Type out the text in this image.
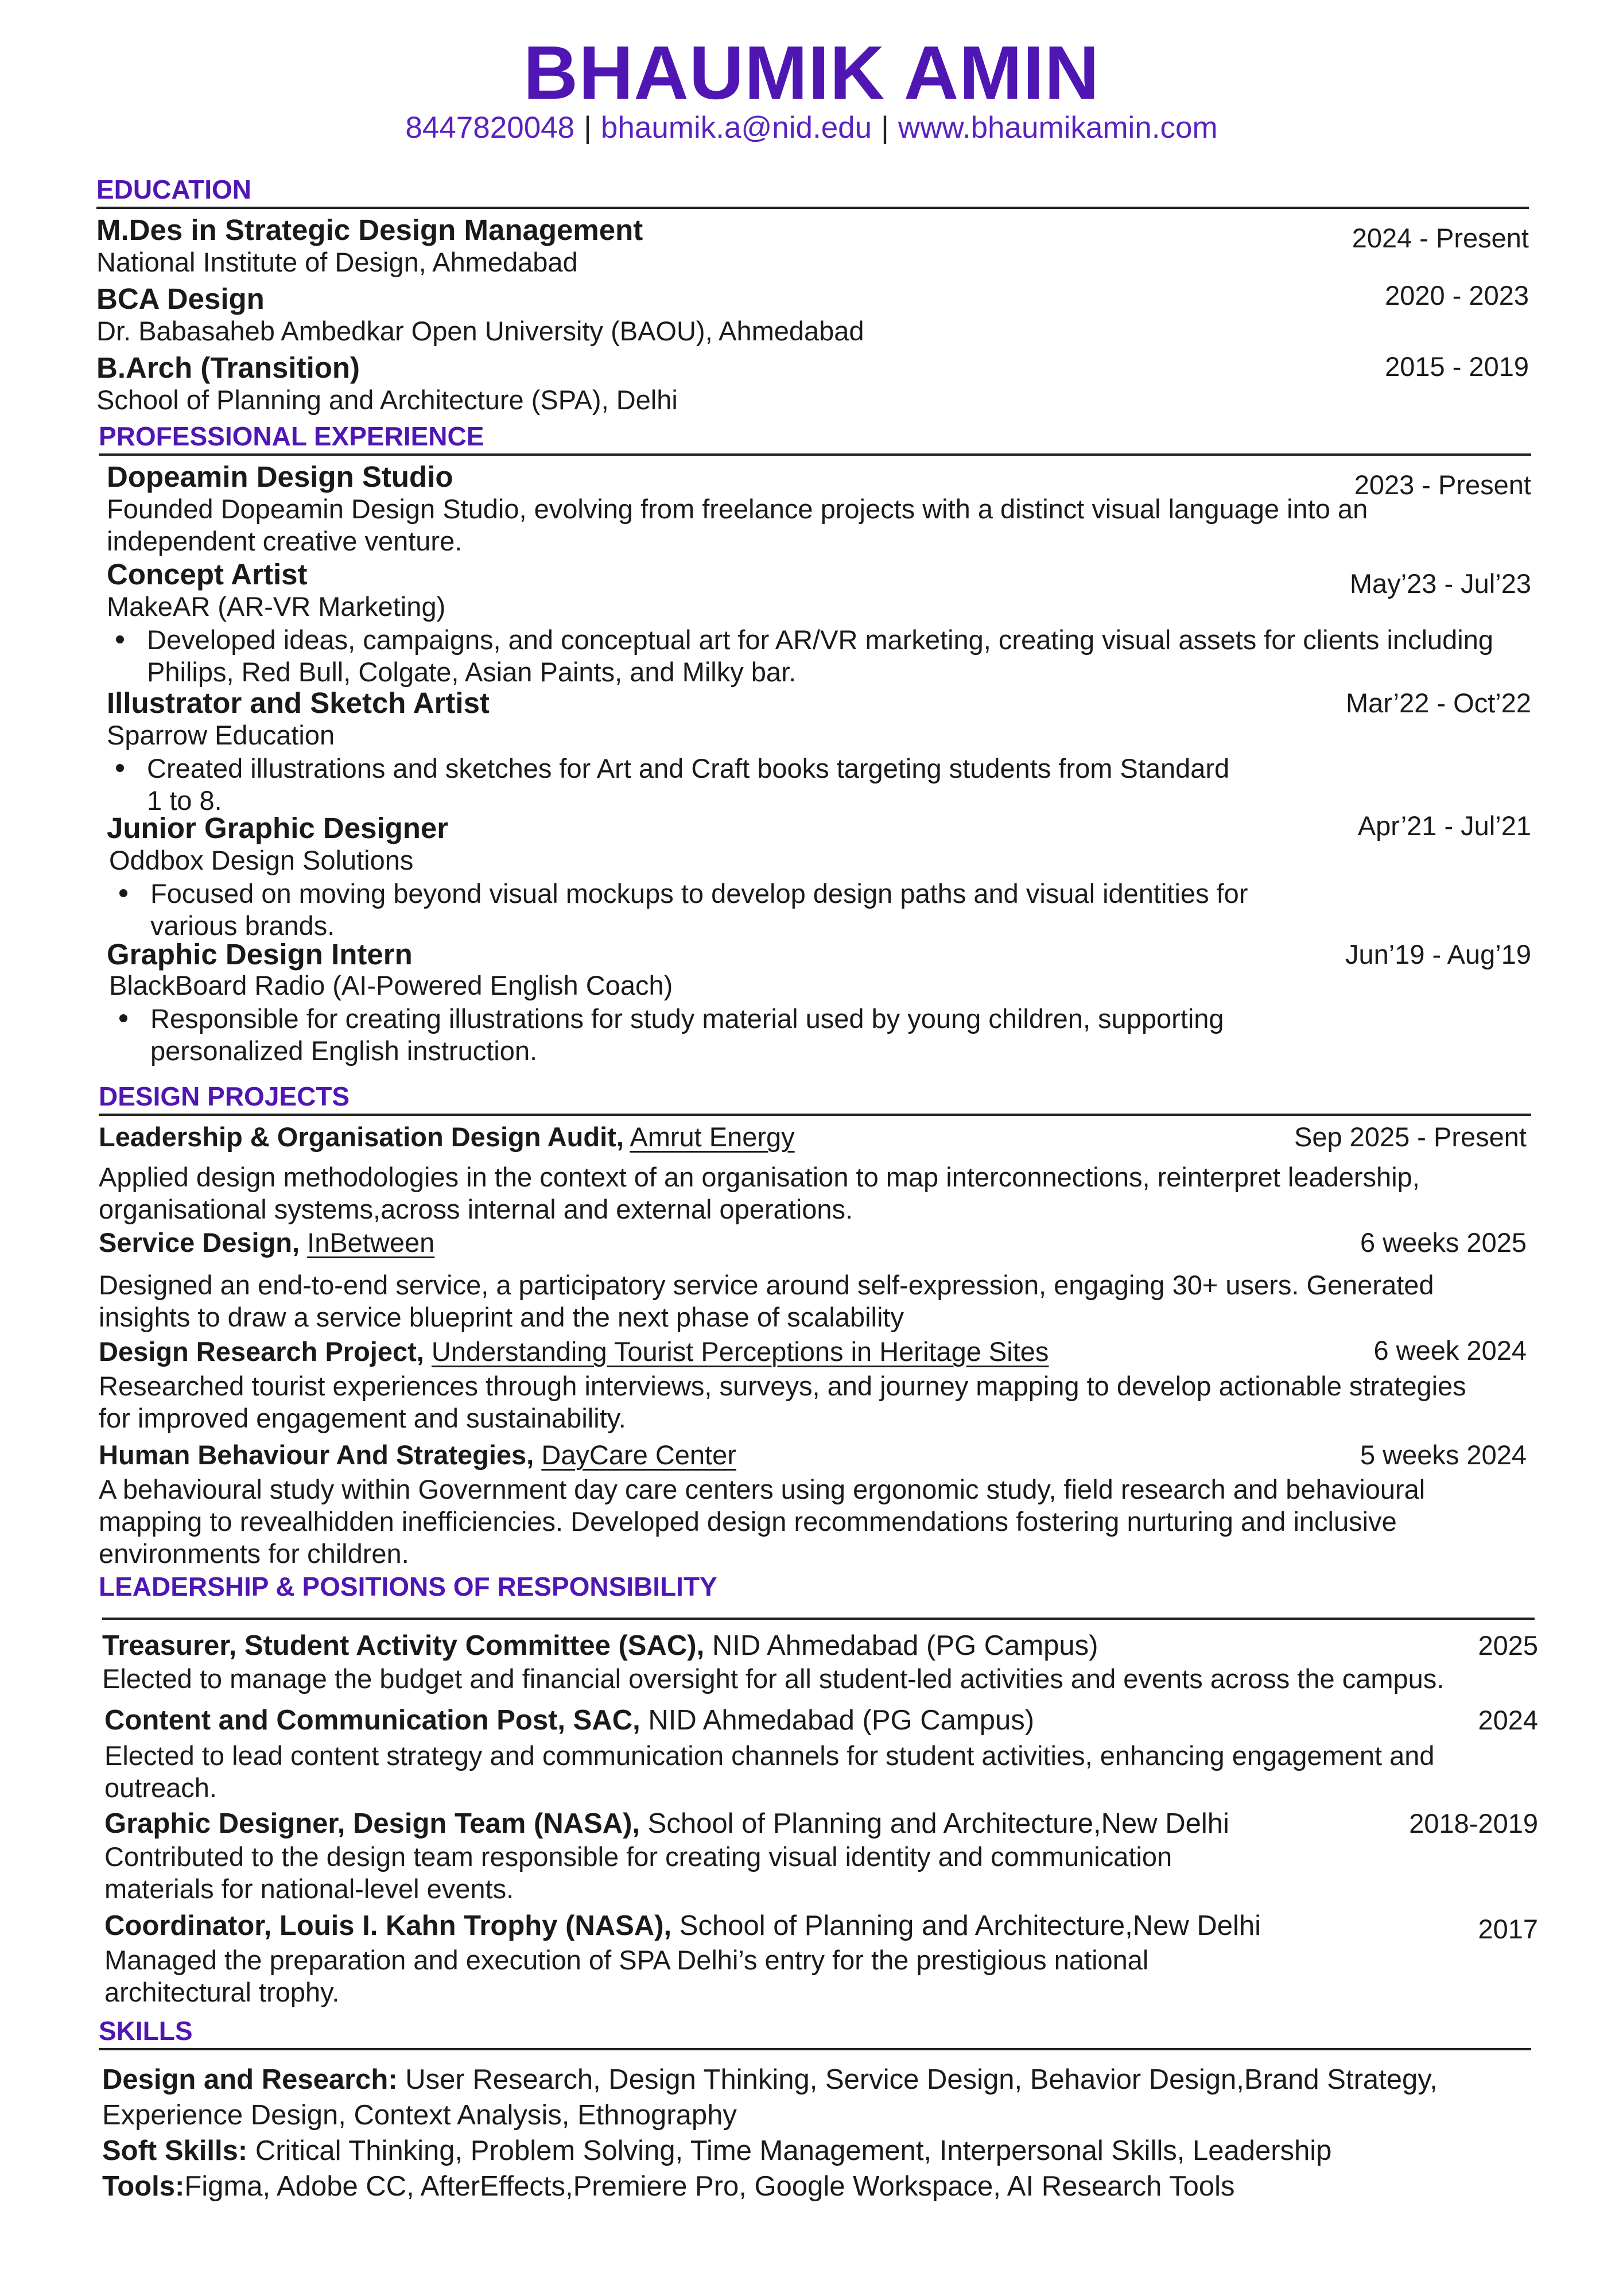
BHAUMIK AMIN
8447820048 | bhaumik.a@nid.edu | www.bhaumikamin.com
EDUCATION
M.Des in Strategic Design Management	2024 - Present
National Institute of Design, Ahmedabad
BCA Design	2020 - 2023
Dr. Babasaheb Ambedkar Open University (BAOU), Ahmedabad
B.Arch (Transition)	2015 - 2019
School of Planning and Architecture (SPA), Delhi
PROFESSIONAL EXPERIENCE
Dopeamin Design Studio	2023 - Present
Founded Dopeamin Design Studio, evolving from freelance projects with a distinct visual language into an
independent creative venture.
Concept Artist	May’23 - Jul’23
MakeAR (AR-VR Marketing)
Developed ideas, campaigns, and conceptual art for AR/VR marketing, creating visual assets for clients including
Philips, Red Bull, Colgate, Asian Paints, and Milky bar.
Illustrator and Sketch Artist	Mar’22 - Oct’22
Sparrow Education
Created illustrations and sketches for Art and Craft books targeting students from Standard
1 to 8.
Junior Graphic Designer	Apr’21 - Jul’21
Oddbox Design Solutions
Focused on moving beyond visual mockups to develop design paths and visual identities for
various brands.
Graphic Design Intern	Jun’19 - Aug’19
BlackBoard Radio (AI-Powered English Coach)
Responsible for creating illustrations for study material used by young children, supporting
personalized English instruction.
DESIGN PROJECTS
Leadership & Organisation Design Audit, Amrut Energy	Sep 2025 - Present
Applied design methodologies in the context of an organisation to map interconnections, reinterpret leadership,
organisational systems,across internal and external operations.
Service Design, InBetween	6 weeks 2025
Designed an end-to-end service, a participatory service around self-expression, engaging 30+ users. Generated
insights to draw a service blueprint and the next phase of scalability
Design Research Project, Understanding Tourist Perceptions in Heritage Sites	6 week 2024
Researched tourist experiences through interviews, surveys, and journey mapping to develop actionable strategies
for improved engagement and sustainability.
Human Behaviour And Strategies, DayCare Center	5 weeks 2024
A behavioural study within Government day care centers using ergonomic study, field research and behavioural
mapping to revealhidden inefficiencies. Developed design recommendations fostering nurturing and inclusive
environments for children.
LEADERSHIP & POSITIONS OF RESPONSIBILITY
Treasurer, Student Activity Committee (SAC), NID Ahmedabad (PG Campus)	2025
Elected to manage the budget and financial oversight for all student-led activities and events across the campus.
Content and Communication Post, SAC, NID Ahmedabad (PG Campus)	2024
Elected to lead content strategy and communication channels for student activities, enhancing engagement and
outreach.
Graphic Designer, Design Team (NASA), School of Planning and Architecture,New Delhi	2018-2019
Contributed to the design team responsible for creating visual identity and communication
materials for national-level events.
Coordinator, Louis I. Kahn Trophy (NASA), School of Planning and Architecture,New Delhi	2017
Managed the preparation and execution of SPA Delhi’s entry for the prestigious national
architectural trophy.
SKILLS
Design and Research: User Research, Design Thinking, Service Design, Behavior Design,Brand Strategy,
Experience Design, Context Analysis, Ethnography
Soft Skills: Critical Thinking, Problem Solving, Time Management, Interpersonal Skills, Leadership
Tools:Figma, Adobe CC, AfterEffects,Premiere Pro, Google Workspace, AI Research Tools
